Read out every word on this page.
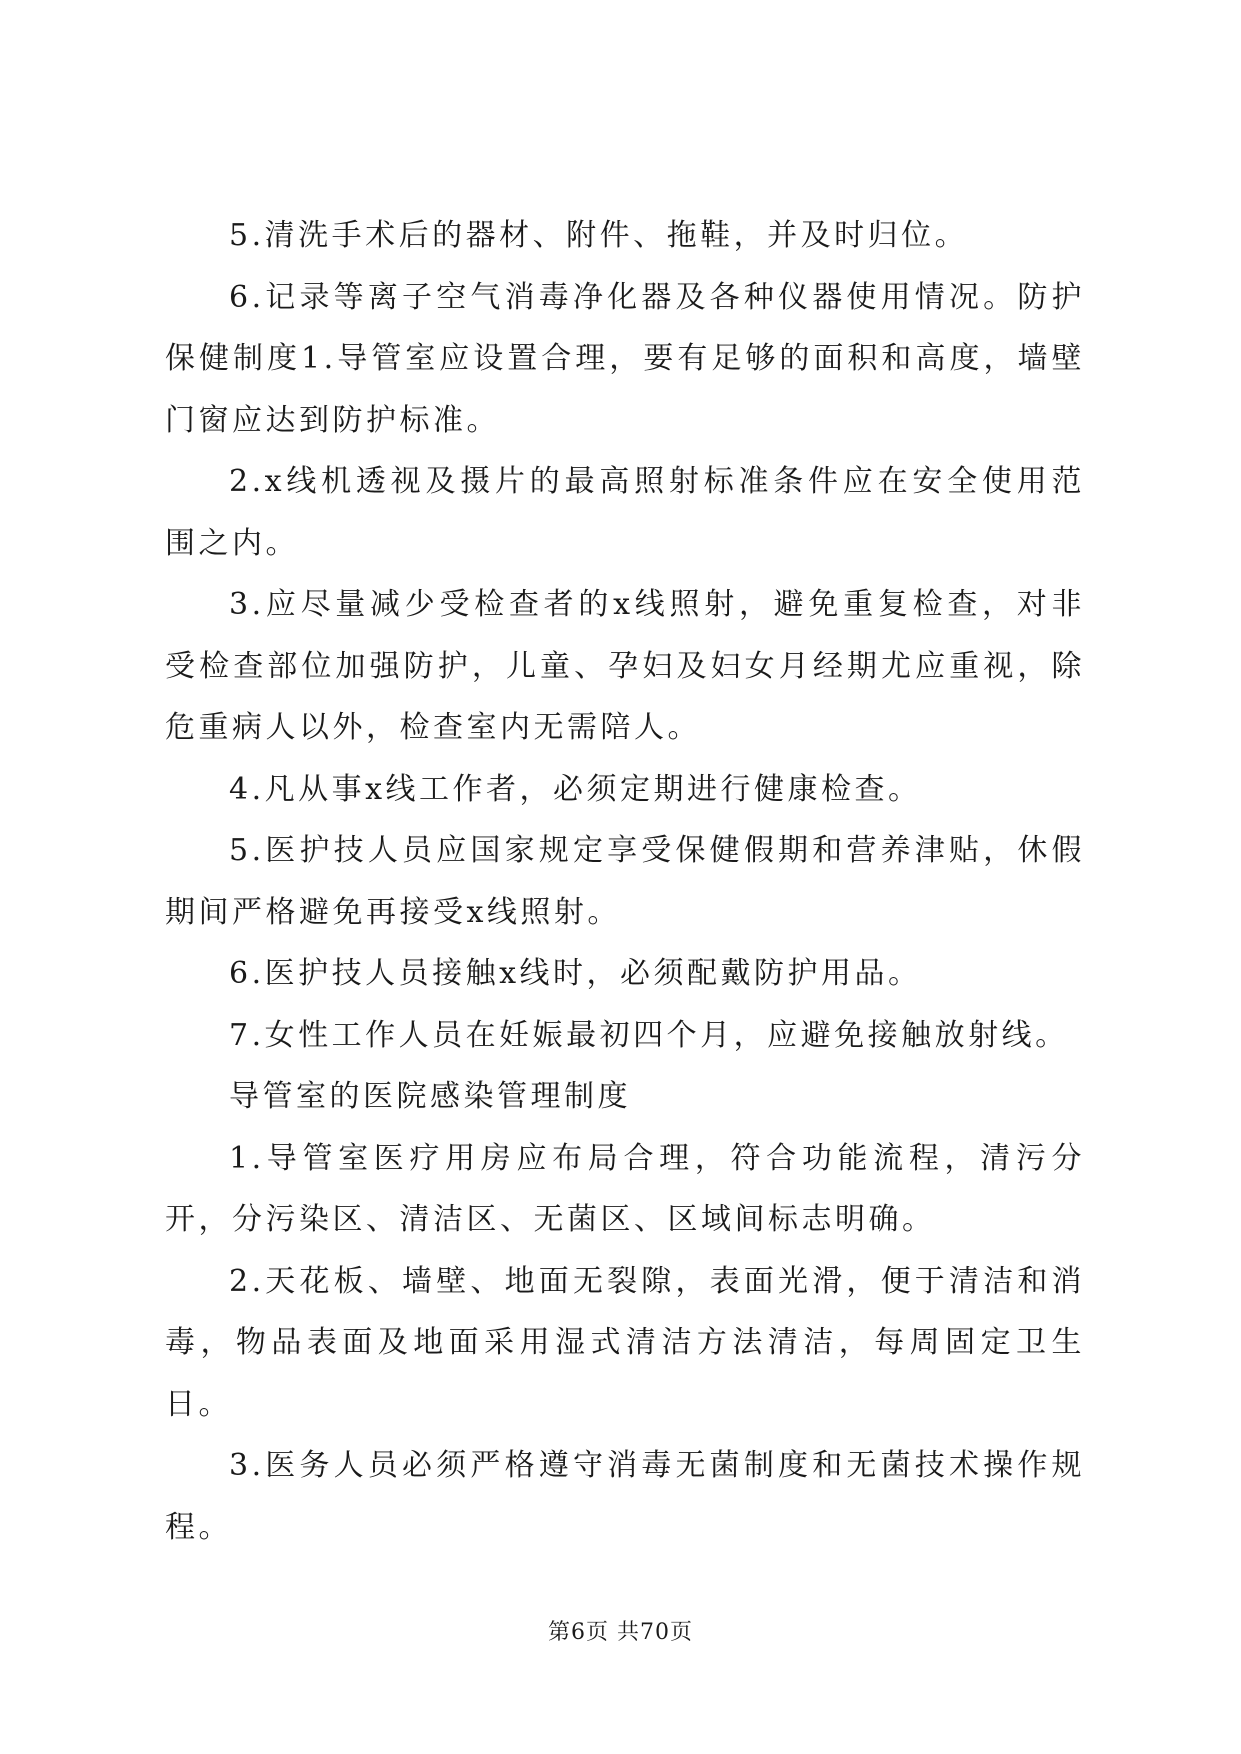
5.清洗手术后的器材、附件、拖鞋，并及时归位。

6.记录等离子空气消毒净化器及各种仪器使用情况。防护保健制度1.导管室应设置合理，要有足够的面积和高度，墙壁门窗应达到防护标准。

2.x线机透视及摄片的最高照射标准条件应在安全使用范围之内。

3.应尽量减少受检查者的x线照射，避免重复检查，对非受检查部位加强防护，儿童、孕妇及妇女月经期尤应重视，除危重病人以外，检查室内无需陪人。

4.凡从事x线工作者，必须定期进行健康检查。

5.医护技人员应国家规定享受保健假期和营养津贴，休假期间严格避免再接受x线照射。

6.医护技人员接触x线时，必须配戴防护用品。

7.女性工作人员在妊娠最初四个月，应避免接触放射线。

导管室的医院感染管理制度

1.导管室医疗用房应布局合理，符合功能流程，清污分开，分污染区、清洁区、无菌区、区域间标志明确。

2.天花板、墙壁、地面无裂隙，表面光滑，便于清洁和消毒，物品表面及地面采用湿式清洁方法清洁，每周固定卫生日。

3.医务人员必须严格遵守消毒无菌制度和无菌技术操作规程。

第6页 共70页
